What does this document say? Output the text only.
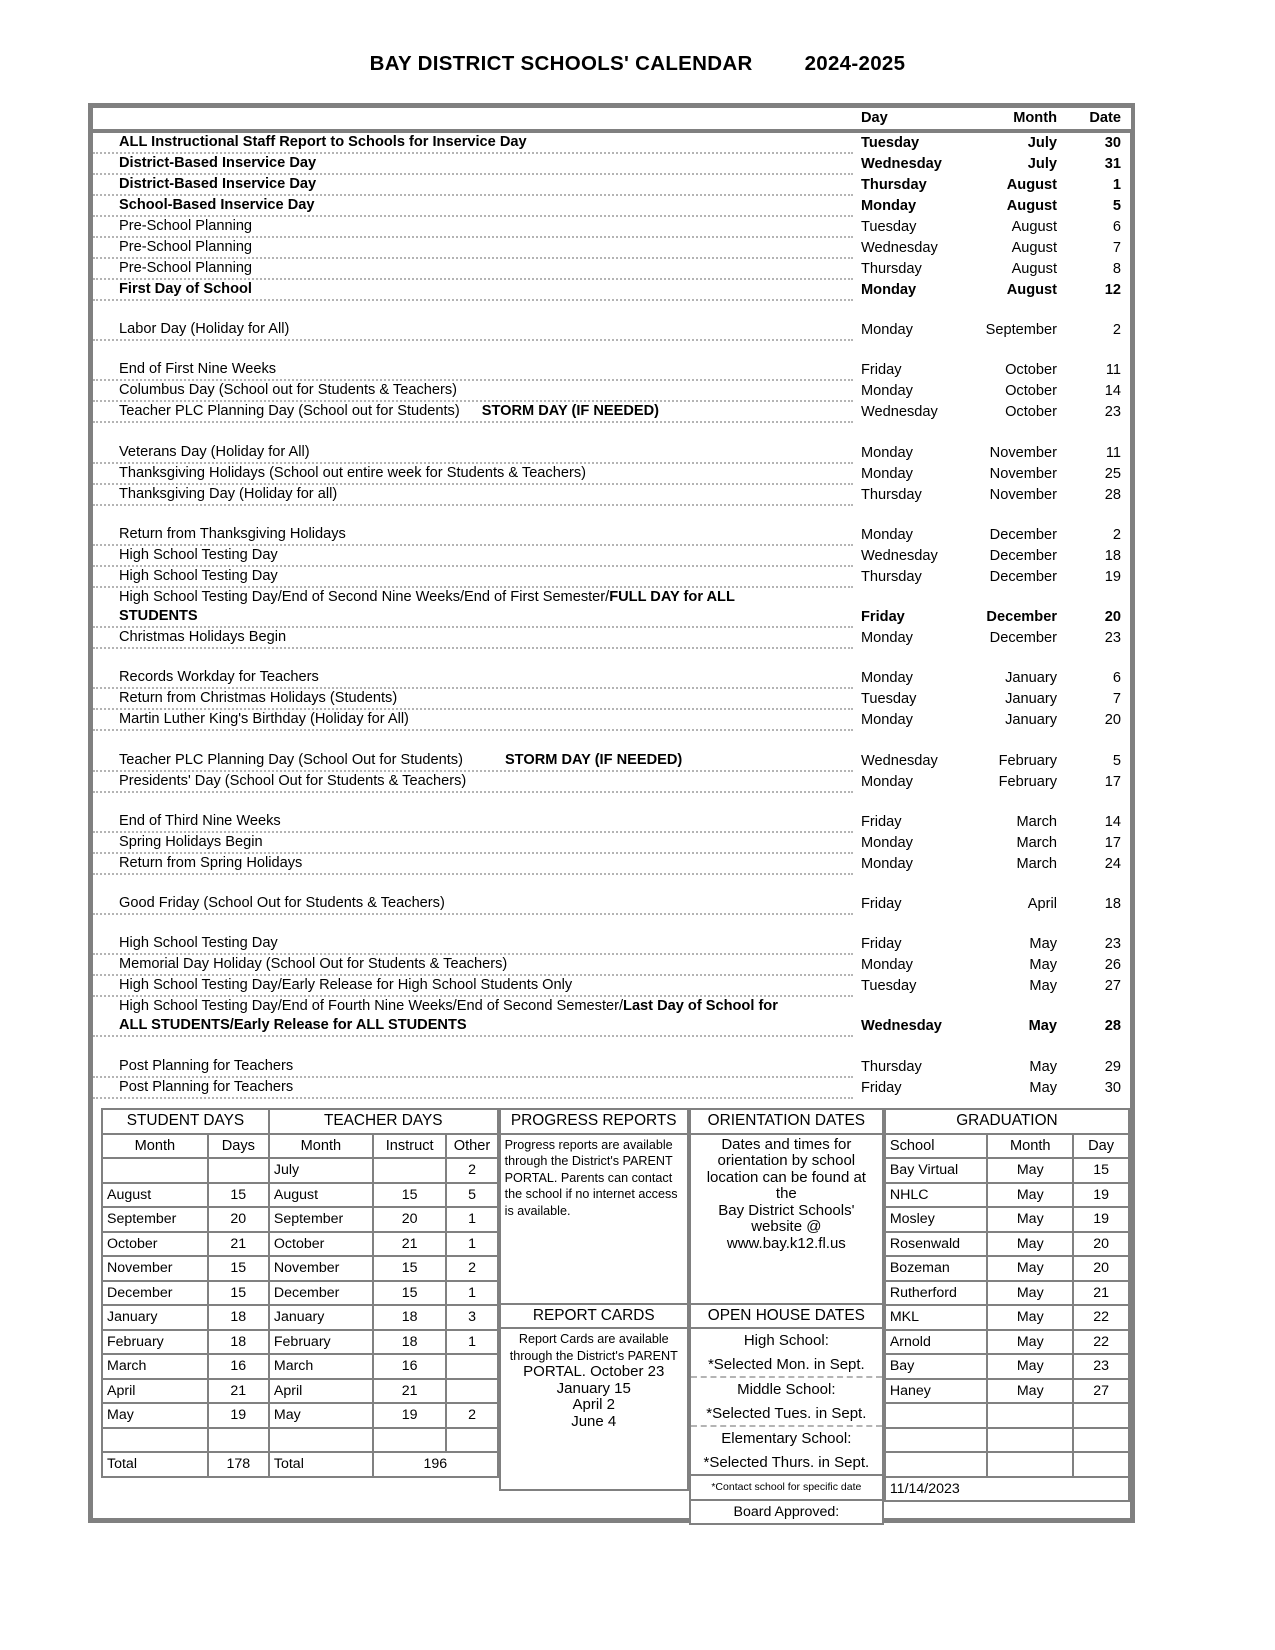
BAY DISTRICT SCHOOLS' CALENDAR	2024-2025
	Day	Month	Date
ALL Instructional Staff Report to Schools for Inservice Day	Tuesday	July	30
District-Based Inservice Day	Wednesday	July	31
District-Based Inservice Day	Thursday	August	1
School-Based Inservice Day	Monday	August	5
Pre-School Planning	Tuesday	August	6
Pre-School Planning	Wednesday	August	7
Pre-School Planning	Thursday	August	8
First Day of School	Monday	August	12

Labor Day (Holiday for All)	Monday	September	2

End of First Nine Weeks	Friday	October	11
Columbus Day (School out for Students & Teachers)	Monday	October	14
Teacher PLC Planning Day (School out for Students) STORM DAY (IF NEEDED)	Wednesday	October	23

Veterans Day (Holiday for All)	Monday	November	11
Thanksgiving Holidays (School out entire week for Students & Teachers)	Monday	November	25
Thanksgiving Day (Holiday for all)	Thursday	November	28

Return from Thanksgiving Holidays	Monday	December	2
High School Testing Day	Wednesday	December	18
High School Testing Day	Thursday	December	19
High School Testing Day/End of Second Nine Weeks/End of First Semester/FULL DAY for ALL			
STUDENTS	Friday	December	20
Christmas Holidays Begin	Monday	December	23

Records Workday for Teachers	Monday	January	6
Return from Christmas Holidays (Students)	Tuesday	January	7
Martin Luther King's Birthday (Holiday for All)	Monday	January	20

Teacher PLC Planning Day (School Out for Students) STORM DAY (IF NEEDED)	Wednesday	February	5
Presidents' Day (School Out for Students & Teachers)	Monday	February	17

End of Third Nine Weeks	Friday	March	14
Spring Holidays Begin	Monday	March	17
Return from Spring Holidays	Monday	March	24

Good Friday (School Out for Students & Teachers)	Friday	April	18

High School Testing Day	Friday	May	23
Memorial Day Holiday (School Out for Students & Teachers)	Monday	May	26
High School Testing Day/Early Release for High School Students Only	Tuesday	May	27
High School Testing Day/End of Fourth Nine Weeks/End of Second Semester/Last Day of School for			
ALL STUDENTS/Early Release for ALL STUDENTS	Wednesday	May	28

Post Planning for Teachers	Thursday	May	29
Post Planning for Teachers	Friday	May	30
STUDENT DAYS		TEACHER DAYS		
Month	Days	Month	Instruct	Other
		July		2
August	15	August	15	5
September	20	September	20	1
October	21	October	21	1
November	15	November	15	2
December	15	December	15	1
January	18	January	18	3
February	18	February	18	1
March	16	March	16	
April	21	April	21	
May	19	May	19	2

Total	178	Total	196	
PROGRESS REPORTS
Progress reports are available through the District's PARENT PORTAL. Parents can contact the school if no internet access is available.
REPORT CARDS

Report Cards are available through the District's PARENT
PORTAL. October 23
January 15
April 2
June 4

ORIENTATION DATES

Dates and times for
orientation by school
location can be found at the
Bay District Schools'
website @
www.bay.k12.fl.us

OPEN HOUSE DATES
High School:
*Selected Mon. in Sept.
Middle School:
*Selected Tues. in Sept.
Elementary School:
*Selected Thurs. in Sept.
*Contact school for specific date
Board Approved:
GRADUATION		
School	Month	Day
Bay Virtual	May	15
NHLC	May	19
Mosley	May	19
Rosenwald	May	20
Bozeman	May	20
Rutherford	May	21
MKL	May	22
Arnold	May	22
Bay	May	23
Haney	May	27

11/14/2023		
